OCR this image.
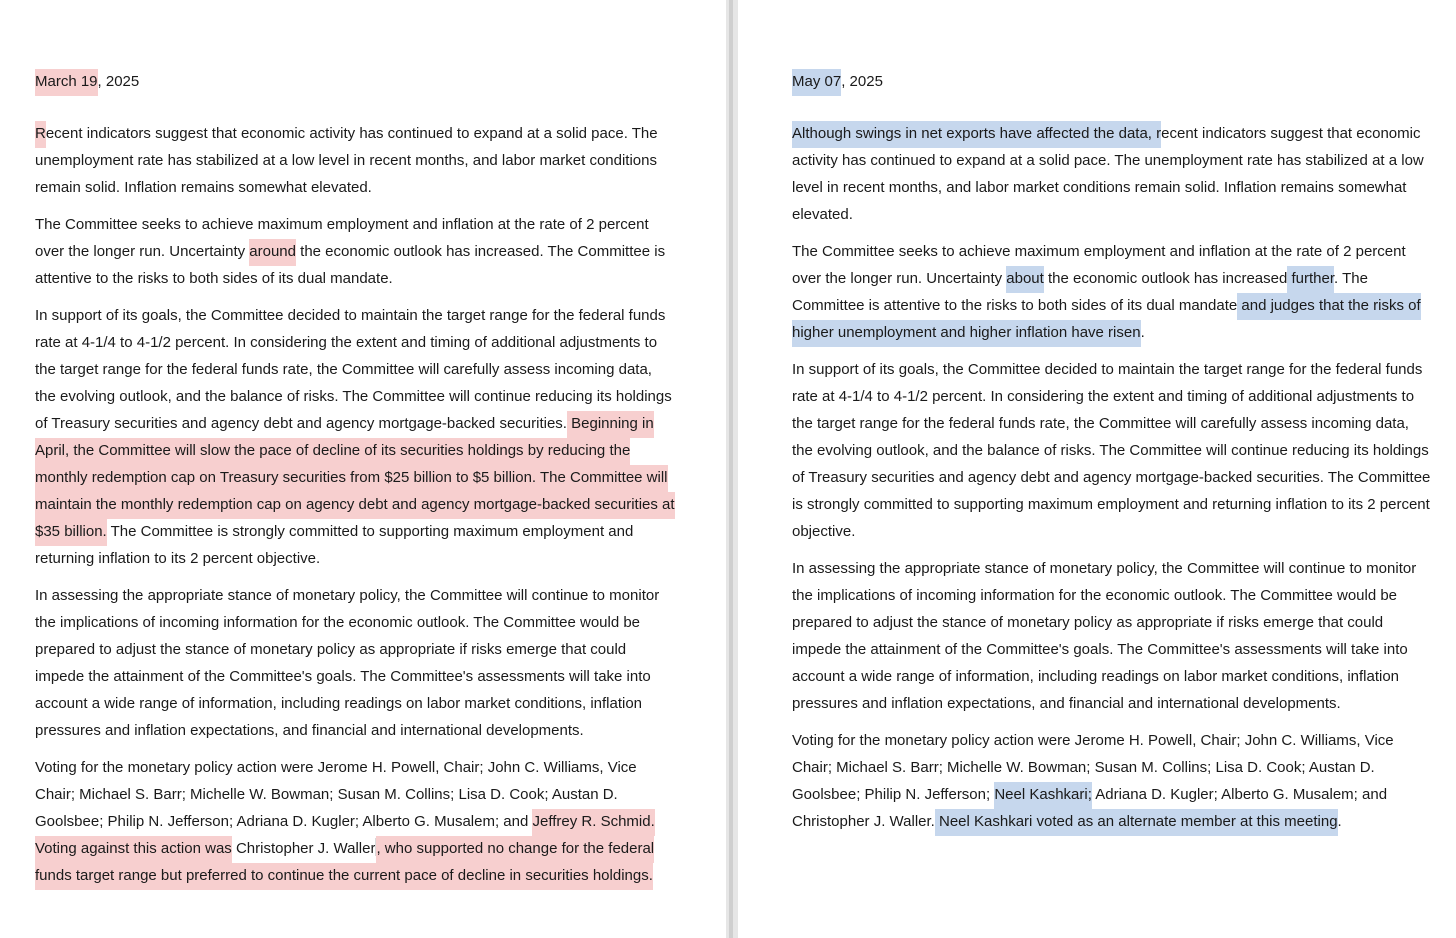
March 19, 2025

Recent indicators suggest that economic activity has continued to expand at a solid pace. The unemployment rate has stabilized at a low level in recent months, and labor market conditions remain solid. Inflation remains somewhat elevated.

The Committee seeks to achieve maximum employment and inflation at the rate of 2 percent over the longer run. Uncertainty around the economic outlook has increased. The Committee is attentive to the risks to both sides of its dual mandate.

In support of its goals, the Committee decided to maintain the target range for the federal funds rate at 4-1/4 to 4-1/2 percent. In considering the extent and timing of additional adjustments to the target range for the federal funds rate, the Committee will carefully assess incoming data, the evolving outlook, and the balance of risks. The Committee will continue reducing its holdings of Treasury securities and agency debt and agency mortgage-backed securities. Beginning in April, the Committee will slow the pace of decline of its securities holdings by reducing the monthly redemption cap on Treasury securities from $25 billion to $5 billion. The Committee will maintain the monthly redemption cap on agency debt and agency mortgage-backed securities at $35 billion. The Committee is strongly committed to supporting maximum employment and returning inflation to its 2 percent objective.

In assessing the appropriate stance of monetary policy, the Committee will continue to monitor the implications of incoming information for the economic outlook. The Committee would be prepared to adjust the stance of monetary policy as appropriate if risks emerge that could impede the attainment of the Committee's goals. The Committee's assessments will take into account a wide range of information, including readings on labor market conditions, inflation pressures and inflation expectations, and financial and international developments.

Voting for the monetary policy action were Jerome H. Powell, Chair; John C. Williams, Vice Chair; Michael S. Barr; Michelle W. Bowman; Susan M. Collins; Lisa D. Cook; Austan D. Goolsbee; Philip N. Jefferson; Adriana D. Kugler; Alberto G. Musalem; and Jeffrey R. Schmid. Voting against this action was Christopher J. Waller, who supported no change for the federal funds target range but preferred to continue the current pace of decline in securities holdings.

May 07, 2025

Although swings in net exports have affected the data, recent indicators suggest that economic activity has continued to expand at a solid pace. The unemployment rate has stabilized at a low level in recent months, and labor market conditions remain solid. Inflation remains somewhat elevated.

The Committee seeks to achieve maximum employment and inflation at the rate of 2 percent over the longer run. Uncertainty about the economic outlook has increased further. The Committee is attentive to the risks to both sides of its dual mandate and judges that the risks of higher unemployment and higher inflation have risen.

In support of its goals, the Committee decided to maintain the target range for the federal funds rate at 4-1/4 to 4-1/2 percent. In considering the extent and timing of additional adjustments to the target range for the federal funds rate, the Committee will carefully assess incoming data, the evolving outlook, and the balance of risks. The Committee will continue reducing its holdings of Treasury securities and agency debt and agency mortgage-backed securities. The Committee is strongly committed to supporting maximum employment and returning inflation to its 2 percent objective.

In assessing the appropriate stance of monetary policy, the Committee will continue to monitor the implications of incoming information for the economic outlook. The Committee would be prepared to adjust the stance of monetary policy as appropriate if risks emerge that could impede the attainment of the Committee's goals. The Committee's assessments will take into account a wide range of information, including readings on labor market conditions, inflation pressures and inflation expectations, and financial and international developments.

Voting for the monetary policy action were Jerome H. Powell, Chair; John C. Williams, Vice Chair; Michael S. Barr; Michelle W. Bowman; Susan M. Collins; Lisa D. Cook; Austan D. Goolsbee; Philip N. Jefferson; Neel Kashkari; Adriana D. Kugler; Alberto G. Musalem; and Christopher J. Waller. Neel Kashkari voted as an alternate member at this meeting.
